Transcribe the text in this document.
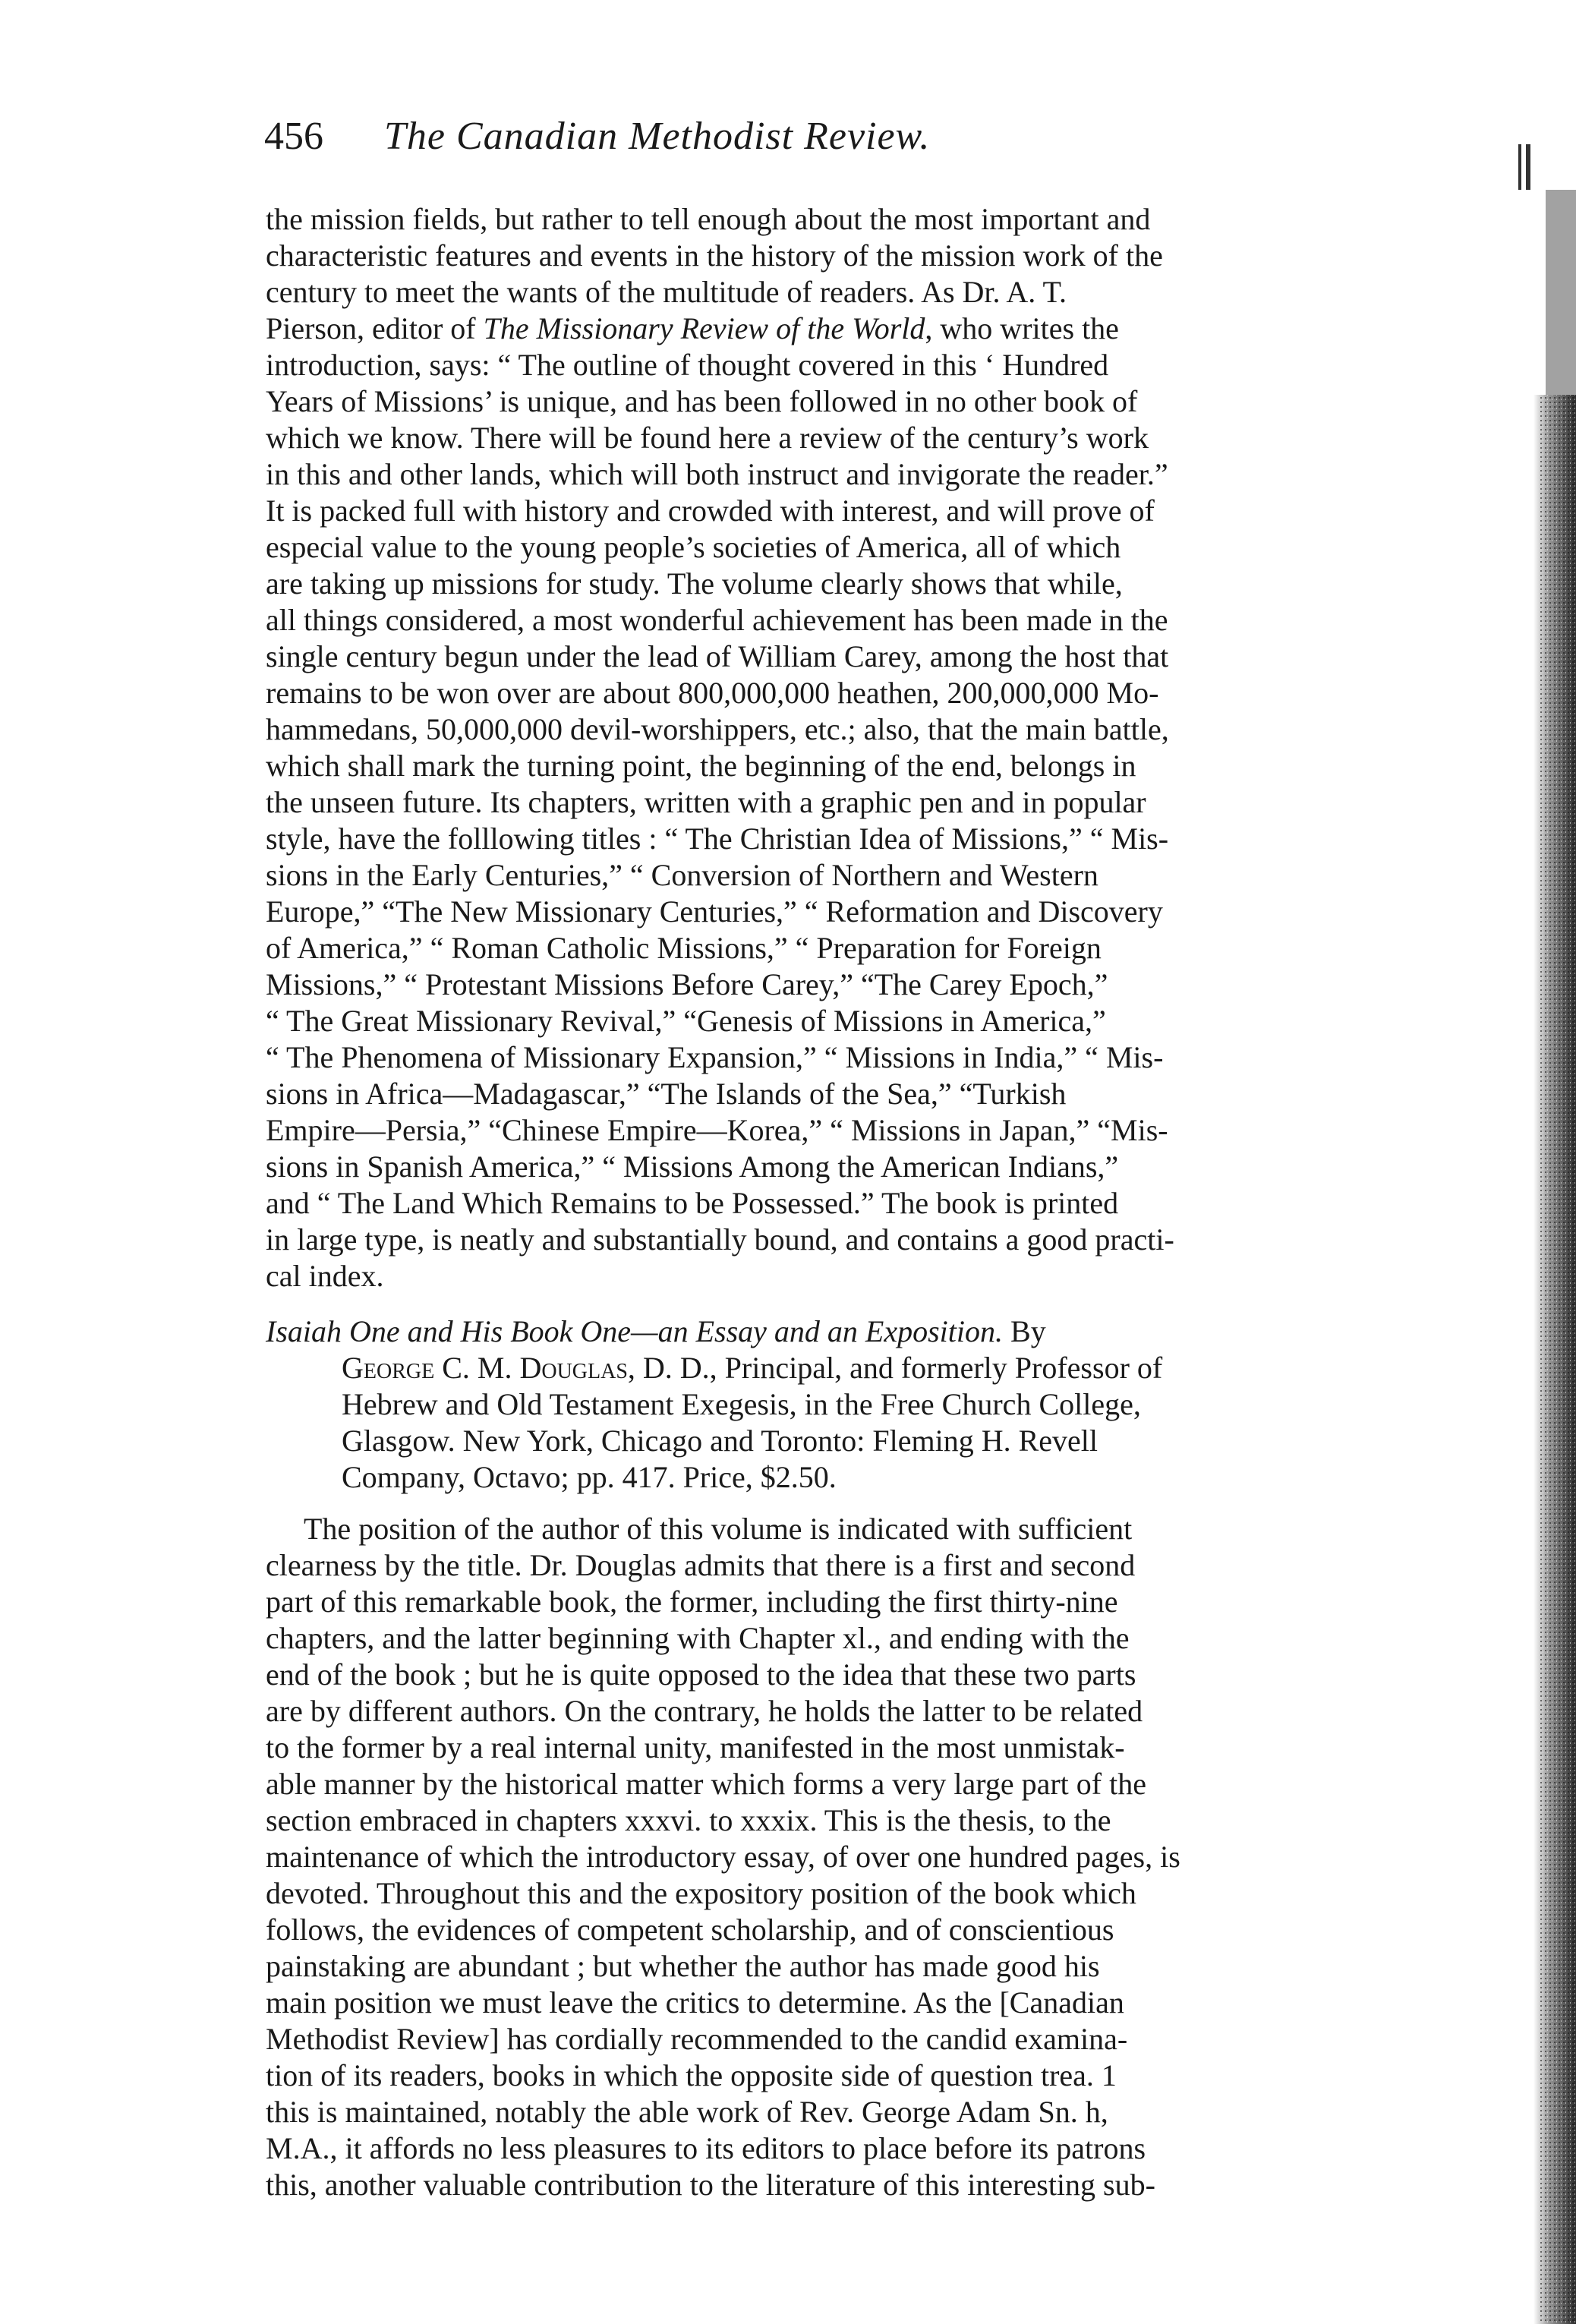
456 The Canadian Methodist Review.
the mission fields, but rather to tell enough about the most important and
characteristic features and events in the history of the mission work of the
century to meet the wants of the multitude of readers. As Dr. A. T.
Pierson, editor of The Missionary Review of the World, who writes the
introduction, says: “ The outline of thought covered in this ‘ Hundred
Years of Missions’ is unique, and has been followed in no other book of
which we know. There will be found here a review of the century’s work
in this and other lands, which will both instruct and invigorate the reader.”
It is packed full with history and crowded with interest, and will prove of
especial value to the young people’s societies of America, all of which
are taking up missions for study. The volume clearly shows that while,
all things considered, a most wonderful achievement has been made in the
single century begun under the lead of William Carey, among the host that
remains to be won over are about 800,000,000 heathen, 200,000,000 Mo-
hammedans, 50,000,000 devil-worshippers, etc.; also, that the main battle,
which shall mark the turning point, the beginning of the end, belongs in
the unseen future. Its chapters, written with a graphic pen and in popular
style, have the folllowing titles : “ The Christian Idea of Missions,” “ Mis-
sions in the Early Centuries,” “ Conversion of Northern and Western
Europe,” “The New Missionary Centuries,” “ Reformation and Discovery
of America,” “ Roman Catholic Missions,” “ Preparation for Foreign
Missions,” “ Protestant Missions Before Carey,” “The Carey Epoch,”
“ The Great Missionary Revival,” “Genesis of Missions in America,”
“ The Phenomena of Missionary Expansion,” “ Missions in India,” “ Mis-
sions in Africa—Madagascar,” “The Islands of the Sea,” “Turkish
Empire—Persia,” “Chinese Empire—Korea,” “ Missions in Japan,” “Mis-
sions in Spanish America,” “ Missions Among the American Indians,”
and “ The Land Which Remains to be Possessed.” The book is printed
in large type, is neatly and substantially bound, and contains a good practi-
cal index.
Isaiah One and His Book One—an Essay and an Exposition. By
George C. M. Douglas, D. D., Principal, and formerly Professor of
Hebrew and Old Testament Exegesis, in the Free Church College,
Glasgow. New York, Chicago and Toronto: Fleming H. Revell
Company, Octavo; pp. 417. Price, $2.50.
The position of the author of this volume is indicated with sufficient
clearness by the title. Dr. Douglas admits that there is a first and second
part of this remarkable book, the former, including the first thirty-nine
chapters, and the latter beginning with Chapter xl., and ending with the
end of the book ; but he is quite opposed to the idea that these two parts
are by different authors. On the contrary, he holds the latter to be related
to the former by a real internal unity, manifested in the most unmistak-
able manner by the historical matter which forms a very large part of the
section embraced in chapters xxxvi. to xxxix. This is the thesis, to the
maintenance of which the introductory essay, of over one hundred pages, is
devoted. Throughout this and the expository position of the book which
follows, the evidences of competent scholarship, and of conscientious
painstaking are abundant ; but whether the author has made good his
main position we must leave the critics to determine. As the [Canadian
Methodist Review] has cordially recommended to the candid examina-
tion of its readers, books in which the opposite side of question trea. 1
this is maintained, notably the able work of Rev. George Adam Sn. h,
M.A., it affords no less pleasures to its editors to place before its patrons
this, another valuable contribution to the literature of this interesting sub-
